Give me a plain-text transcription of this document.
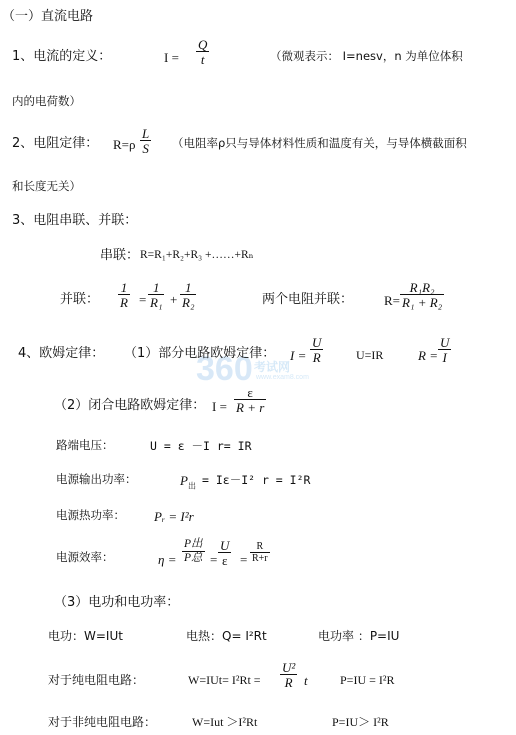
360 考试网
www.exam8.com
（一）直流电路
1、电流的定义：	$I = \frac{Q}{t}$	（微观表示： I=nesv，n 为单位体积
内的电荷数）
2、电阻定律： $R=\rho \frac{L}{S}$ （电阻率ρ只与导体材料性质和温度有关，与导体横截面积
和长度无关）
3、电阻串联、并联：
串联： R=R₁+R₂+R₃ +……+Rₙ
并联： $\frac{1}{R} = \frac{1}{\text{R₁}} + \frac{1}{\text{R₂}}$	两个电阻并联： $R= \frac{\text{R₁R₂}}{\text{R₁ + R₂}}$
4、欧姆定律： （1）部分电路欧姆定律： $I = \frac{U}{R}$	U=IR	$R = \frac{U}{I}$
（2）闭合电路欧姆定律： $I = \frac{\varepsilon}{R + r}$
路端电压：	U = ε －I r= IR
电源输出功率：	$P_出 = I\varepsilon-I^2$ r = I²R
电源热功率： Pᵣ = I²r
电源效率：	η =
P出
P总 = $\frac{U}{\varepsilon} = \frac{R}{R+r}$
（3）电功和电功率：
电功：W=IUt	电热：Q= I²Rt	电功率 ：P=IU
对于纯电阻电路：	$W=IUt= I^2Rt = \frac{\text{U²}}{R}$ t	P=IU = I²R
对于非纯电阻电路：	W=Iut ＞I²Rt	P=IU＞ I²R
